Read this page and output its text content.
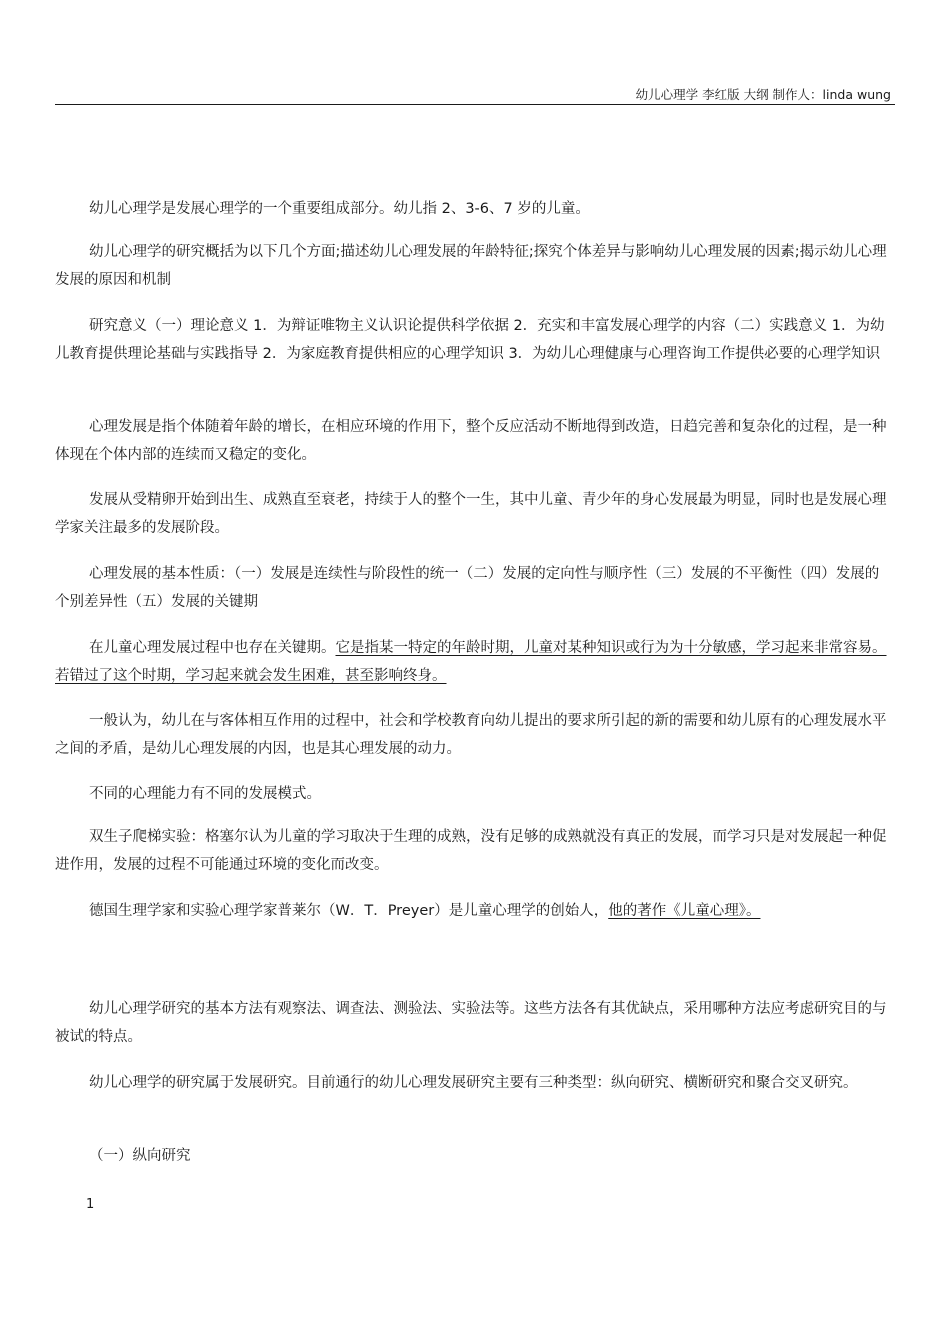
幼儿心理学 李红版 大纲 制作人：linda wung

幼儿心理学是发展心理学的一个重要组成部分。幼儿指 2、3-6、7 岁的儿童。

幼儿心理学的研究概括为以下几个方面;描述幼儿心理发展的年龄特征;探究个体差异与影响幼儿心理发展的因素;揭示幼儿心理发展的原因和机制

研究意义（一）理论意义 1．为辩证唯物主义认识论提供科学依据 2．充实和丰富发展心理学的内容（二）实践意义 1．为幼儿教育提供理论基础与实践指导 2．为家庭教育提供相应的心理学知识 3．为幼儿心理健康与心理咨询工作提供必要的心理学知识

心理发展是指个体随着年龄的增长，在相应环境的作用下，整个反应活动不断地得到改造，日趋完善和复杂化的过程，是一种体现在个体内部的连续而又稳定的变化。

发展从受精卵开始到出生、成熟直至衰老，持续于人的整个一生，其中儿童、青少年的身心发展最为明显，同时也是发展心理学家关注最多的发展阶段。

心理发展的基本性质：（一）发展是连续性与阶段性的统一（二）发展的定向性与顺序性（三）发展的不平衡性（四）发展的个别差异性（五）发展的关键期

在儿童心理发展过程中也存在关键期。它是指某一特定的年龄时期，儿童对某种知识或行为为十分敏感，学习起来非常容易。若错过了这个时期，学习起来就会发生困难，甚至影响终身。

一般认为，幼儿在与客体相互作用的过程中，社会和学校教育向幼儿提出的要求所引起的新的需要和幼儿原有的心理发展水平之间的矛盾，是幼儿心理发展的内因，也是其心理发展的动力。

不同的心理能力有不同的发展模式。

双生子爬梯实验：格塞尔认为儿童的学习取决于生理的成熟，没有足够的成熟就没有真正的发展，而学习只是对发展起一种促进作用，发展的过程不可能通过环境的变化而改变。

德国生理学家和实验心理学家普莱尔（W．T．Preyer）是儿童心理学的创始人，他的著作《儿童心理》。

幼儿心理学研究的基本方法有观察法、调查法、测验法、实验法等。这些方法各有其优缺点，采用哪种方法应考虑研究目的与被试的特点。

幼儿心理学的研究属于发展研究。目前通行的幼儿心理发展研究主要有三种类型：纵向研究、横断研究和聚合交叉研究。

（一）纵向研究

1
